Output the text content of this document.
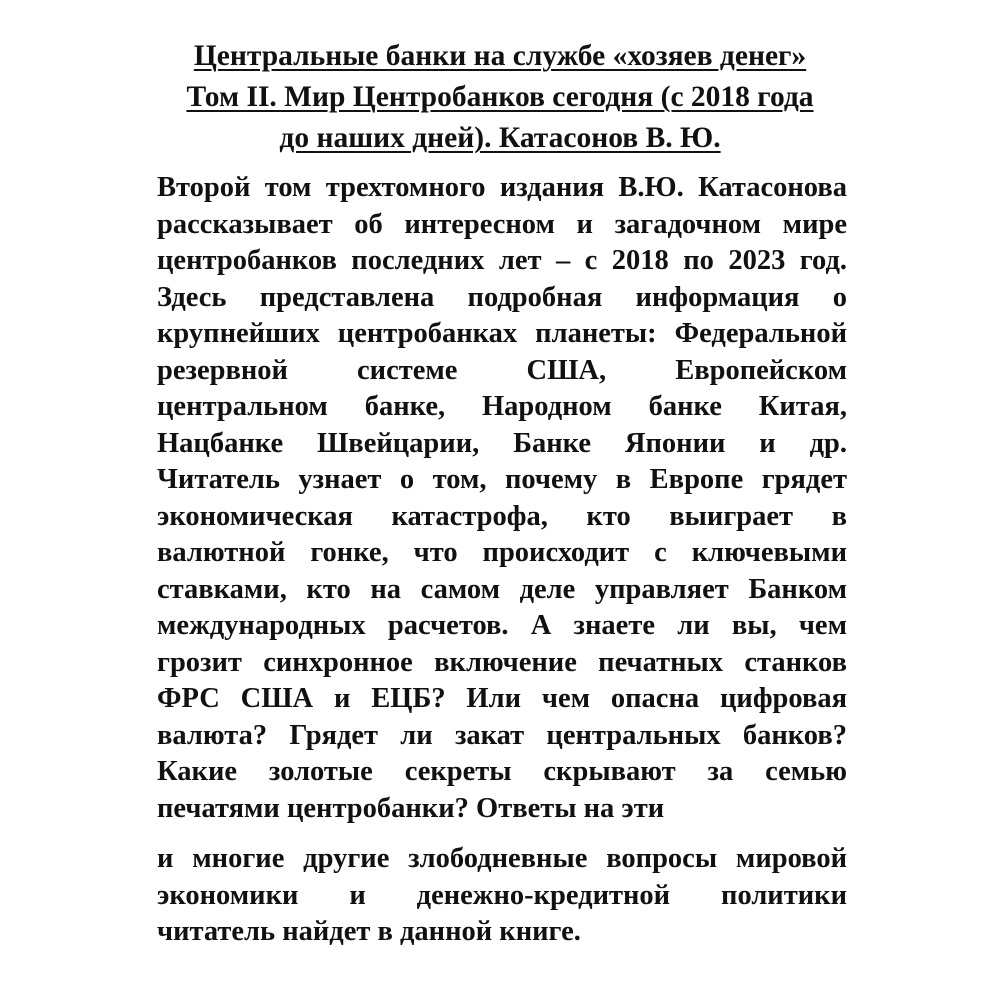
Центральные банки на службе «хозяев денег»
Том II. Мир Центробанков сегодня (с 2018 года
до наших дней). Катасонов В. Ю.

Второй том трехтомного издания В.Ю. Катасонова
рассказывает об интересном и загадочном мире
центробанков последних лет – с 2018 по 2023 год.
Здесь представлена подробная информация о
крупнейших центробанках планеты: Федеральной
резервной системе США, Европейском
центральном банке, Народном банке Китая,
Нацбанке Швейцарии, Банке Японии и др.
Читатель узнает о том, почему в Европе грядет
экономическая катастрофа, кто выиграет в
валютной гонке, что происходит с ключевыми
ставками, кто на самом деле управляет Банком
международных расчетов. А знаете ли вы, чем
грозит синхронное включение печатных станков
ФРС США и ЕЦБ? Или чем опасна цифровая
валюта? Грядет ли закат центральных банков?
Какие золотые секреты скрывают за семью
печатями центробанки? Ответы на эти

и многие другие злободневные вопросы мировой
экономики и денежно-кредитной политики
читатель найдет в данной книге.
